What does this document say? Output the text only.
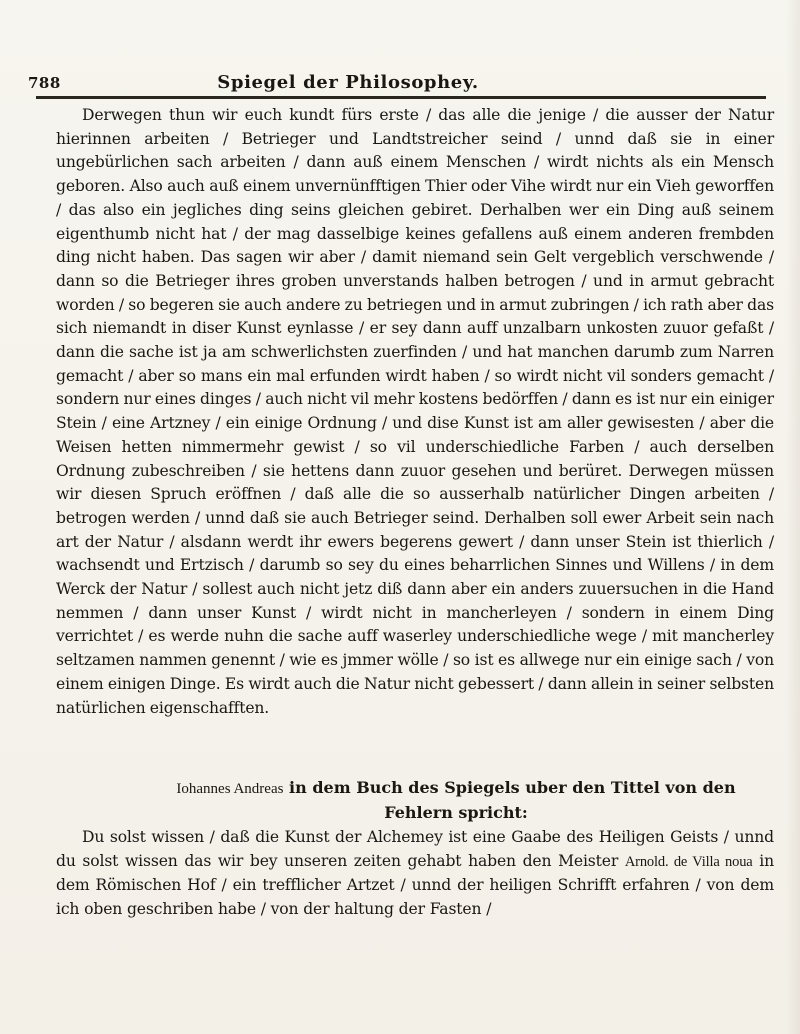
788	Spiegel der Philosophey.

Derwegen thun wir euch kundt fürs erste / das alle die jenige / die ausser der Natur hierinnen arbeiten / Betrieger und Landtstreicher seind / unnd daß sie in einer ungebürlichen sach arbeiten / dann auß einem Menschen / wirdt nichts als ein Mensch geboren. Also auch auß einem unvernünfftigen Thier oder Vihe wirdt nur ein Vieh geworffen / das also ein jegliches ding seins gleichen gebiret. Derhalben wer ein Ding auß seinem eigenthumb nicht hat / der mag dasselbige keines gefallens auß einem anderen frembden ding nicht haben. Das sagen wir aber / damit niemand sein Gelt vergeblich verschwende / dann so die Betrieger ihres groben unverstands halben betrogen / und in armut gebracht worden / so begeren sie auch andere zu betriegen und in armut zubringen / ich rath aber das sich niemandt in diser Kunst eynlasse / er sey dann auff unzalbarn unkosten zuuor gefaßt / dann die sache ist ja am schwerlichsten zuerfinden / und hat manchen darumb zum Narren gemacht / aber so mans ein mal erfunden wirdt haben / so wirdt nicht vil sonders gemacht / sondern nur eines dinges / auch nicht vil mehr kostens bedörffen / dann es ist nur ein einiger Stein / eine Artzney / ein einige Ordnung / und dise Kunst ist am aller gewisesten / aber die Weisen hetten nimmermehr gewist / so vil underschiedliche Farben / auch derselben Ordnung zubeschreiben / sie hettens dann zuuor gesehen und berüret. Derwegen müssen wir diesen Spruch eröffnen / daß alle die so ausserhalb natürlicher Dingen arbeiten / betrogen werden / unnd daß sie auch Betrieger seind. Derhalben soll ewer Arbeit sein nach art der Natur / alsdann werdt ihr ewers begerens gewert / dann unser Stein ist thierlich / wachsendt und Ertzisch / darumb so sey du eines beharrlichen Sinnes und Willens / in dem Werck der Natur / sollest auch nicht jetz diß dann aber ein anders zuuersuchen in die Hand nemmen / dann unser Kunst / wirdt nicht in mancherleyen / sondern in einem Ding verrichtet / es werde nuhn die sache auff waserley underschiedliche wege / mit mancherley seltzamen nammen genennt / wie es jmmer wölle / so ist es allwege nur ein einige sach / von einem einigen Dinge. Es wirdt auch die Natur nicht gebessert / dann allein in seiner selbsten natürlichen eigenschafften.

Iohannes Andreas in dem Buch des Spiegels uber den Tittel von den Fehlern spricht:

Du solst wissen / daß die Kunst der Alchemey ist eine Gaabe des Heiligen Geists / unnd du solst wissen das wir bey unseren zeiten gehabt haben den Meister Arnold. de Villa noua in dem Römischen Hof / ein trefflicher Artzet / unnd der heiligen Schrifft erfahren / von dem ich oben geschriben habe / von der haltung der Fasten /
